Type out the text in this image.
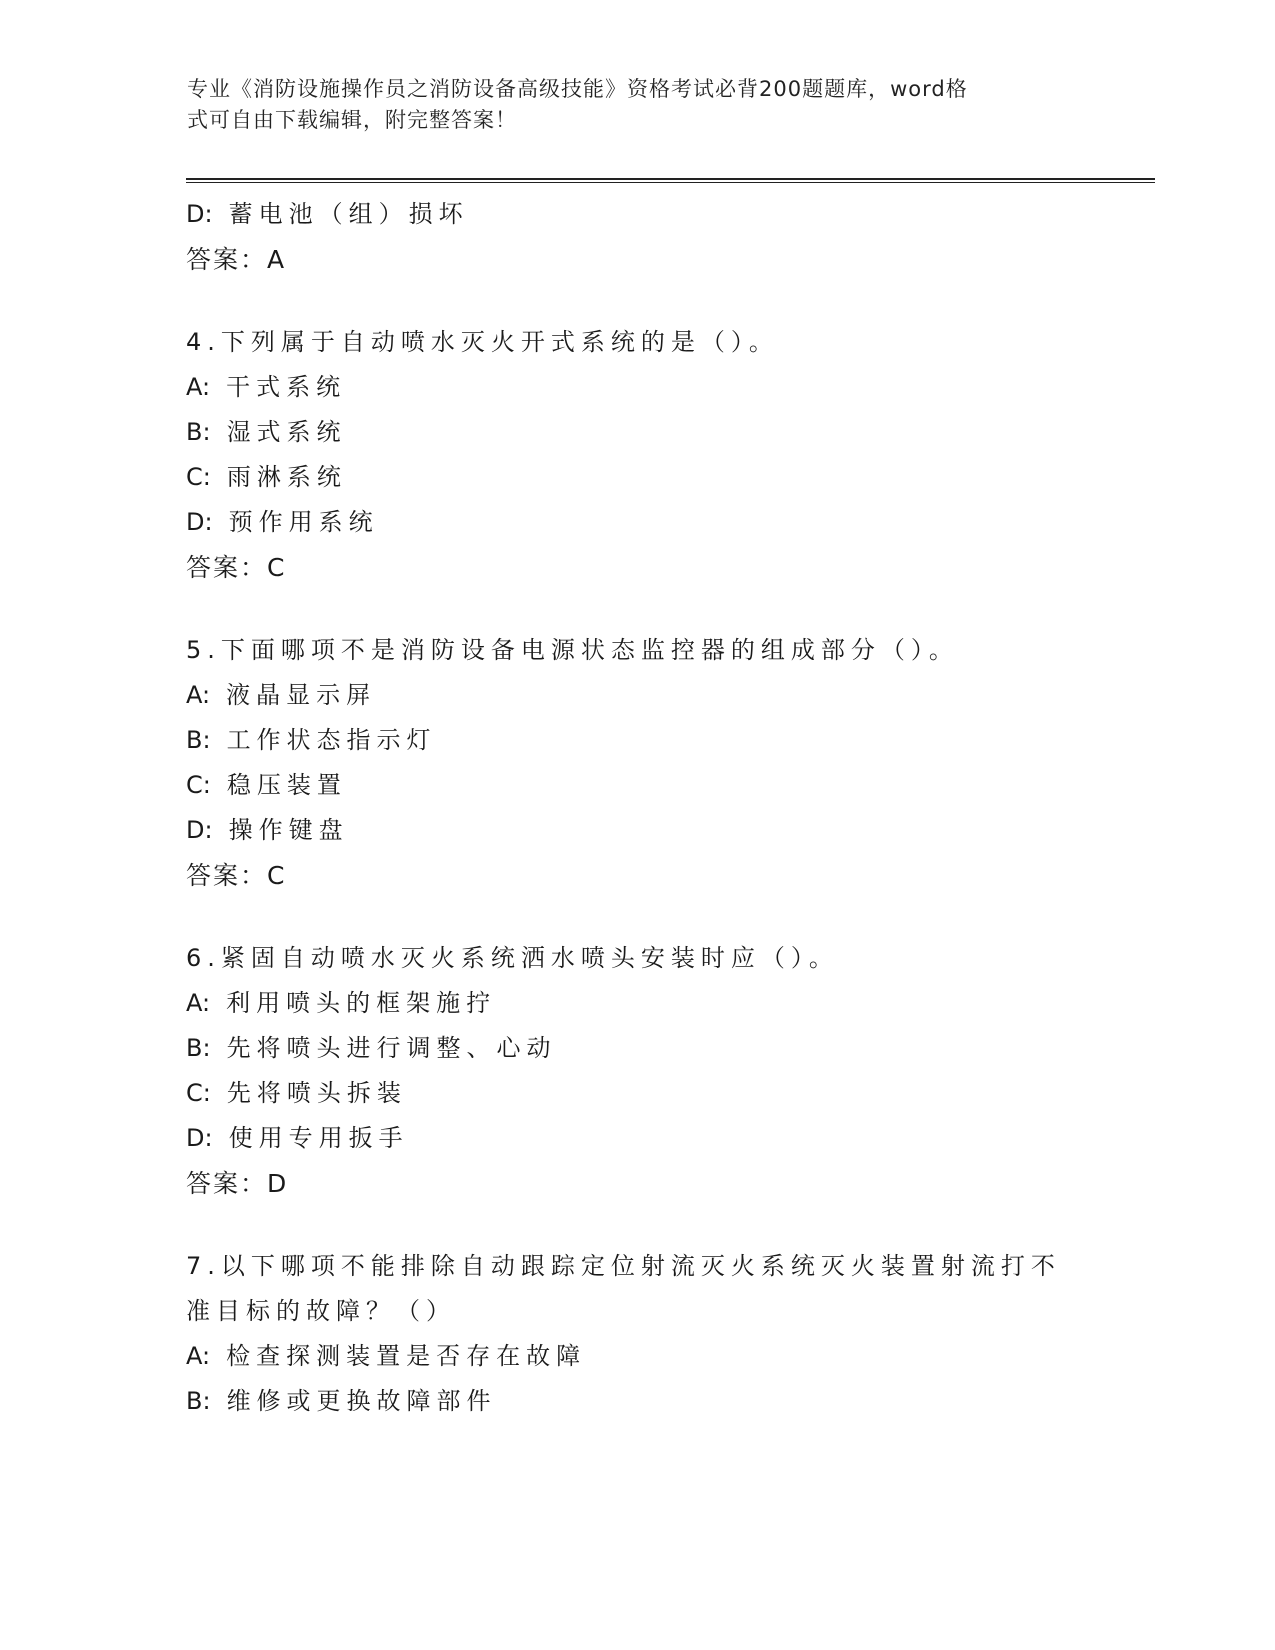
专业《消防设施操作员之消防设备高级技能》资格考试必背200题题库，word格
式可自由下载编辑，附完整答案！
D: 蓄电池（组）损坏
答案：A
4.下列属于自动喷水灭火开式系统的是（）。
A: 干式系统
B: 湿式系统
C: 雨淋系统
D: 预作用系统
答案：C
5.下面哪项不是消防设备电源状态监控器的组成部分（）。
A: 液晶显示屏
B: 工作状态指示灯
C: 稳压装置
D: 操作键盘
答案：C
6.紧固自动喷水灭火系统洒水喷头安装时应（）。
A: 利用喷头的框架施拧
B: 先将喷头进行调整、心动
C: 先将喷头拆装
D: 使用专用扳手
答案：D
7.以下哪项不能排除自动跟踪定位射流灭火系统灭火装置射流打不准目标的故障？（）
A: 检查探测装置是否存在故障
B: 维修或更换故障部件
